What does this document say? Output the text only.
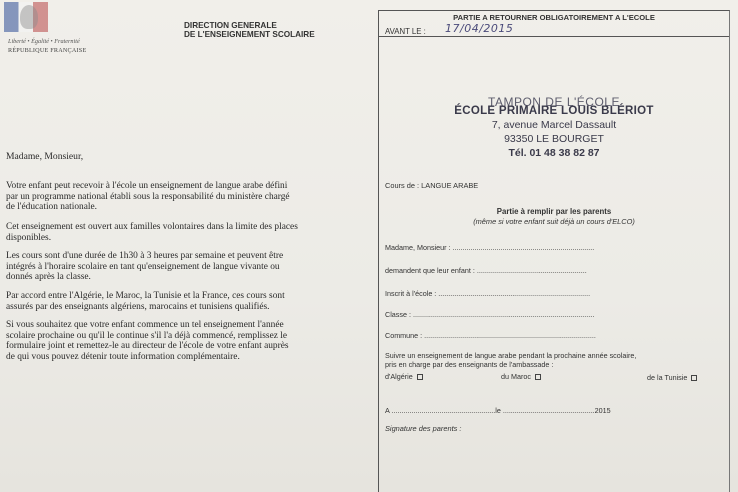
Liberté • Égalité • Fraternité
RÉPUBLIQUE FRANÇAISE
DIRECTION GENERALE
DE L'ENSEIGNEMENT SCOLAIRE
Madame, Monsieur,
Votre enfant peut recevoir à l'école un enseignement de langue arabe défini
par un programme national établi sous la responsabilité du ministère chargé
de l'éducation nationale.
Cet enseignement est ouvert aux familles volontaires dans la limite des places
disponibles.
Les cours sont d'une durée de 1h30 à 3 heures par semaine et peuvent être
intégrés à l'horaire scolaire en tant qu'enseignement de langue vivante ou
donnés après la classe.
Par accord entre l'Algérie, le Maroc, la Tunisie et la France, ces cours sont
assurés par des enseignants algériens, marocains et tunisiens qualifiés.
Si vous souhaitez que votre enfant commence un tel enseignement l'année
scolaire prochaine ou qu'il le continue s'il l'a déjà commencé, remplissez le
formulaire joint et remettez-le au directeur de l'école de votre enfant auprès
de qui vous pouvez détenir toute information complémentaire.
PARTIE A RETOURNER OBLIGATOIREMENT A L'ECOLE
AVANT LE : 17/04/2015
TAMPON DE L'ÉCOLE
ÉCOLE PRIMAIRE LOUIS BLÉRIOT
7, avenue Marcel Dassault
93350 LE BOURGET
Tél. 01 48 38 82 87
Cours de : LANGUE ARABE
Partie à remplir par les parents
(même si votre enfant suit déjà un cours d'ELCO)
Madame, Monsieur : .......................................................................
demandent que leur enfant : .......................................................
Inscrit à l'école : ............................................................................
Classe : ...........................................................................................
Commune : ......................................................................................
Suivre un enseignement de langue arabe pendant la prochaine année scolaire,
pris en charge par des enseignants de l'ambassade :
d'Algérie	du Maroc	de la Tunisie
A ....................................................le ..............................................2015
Signature des parents :
